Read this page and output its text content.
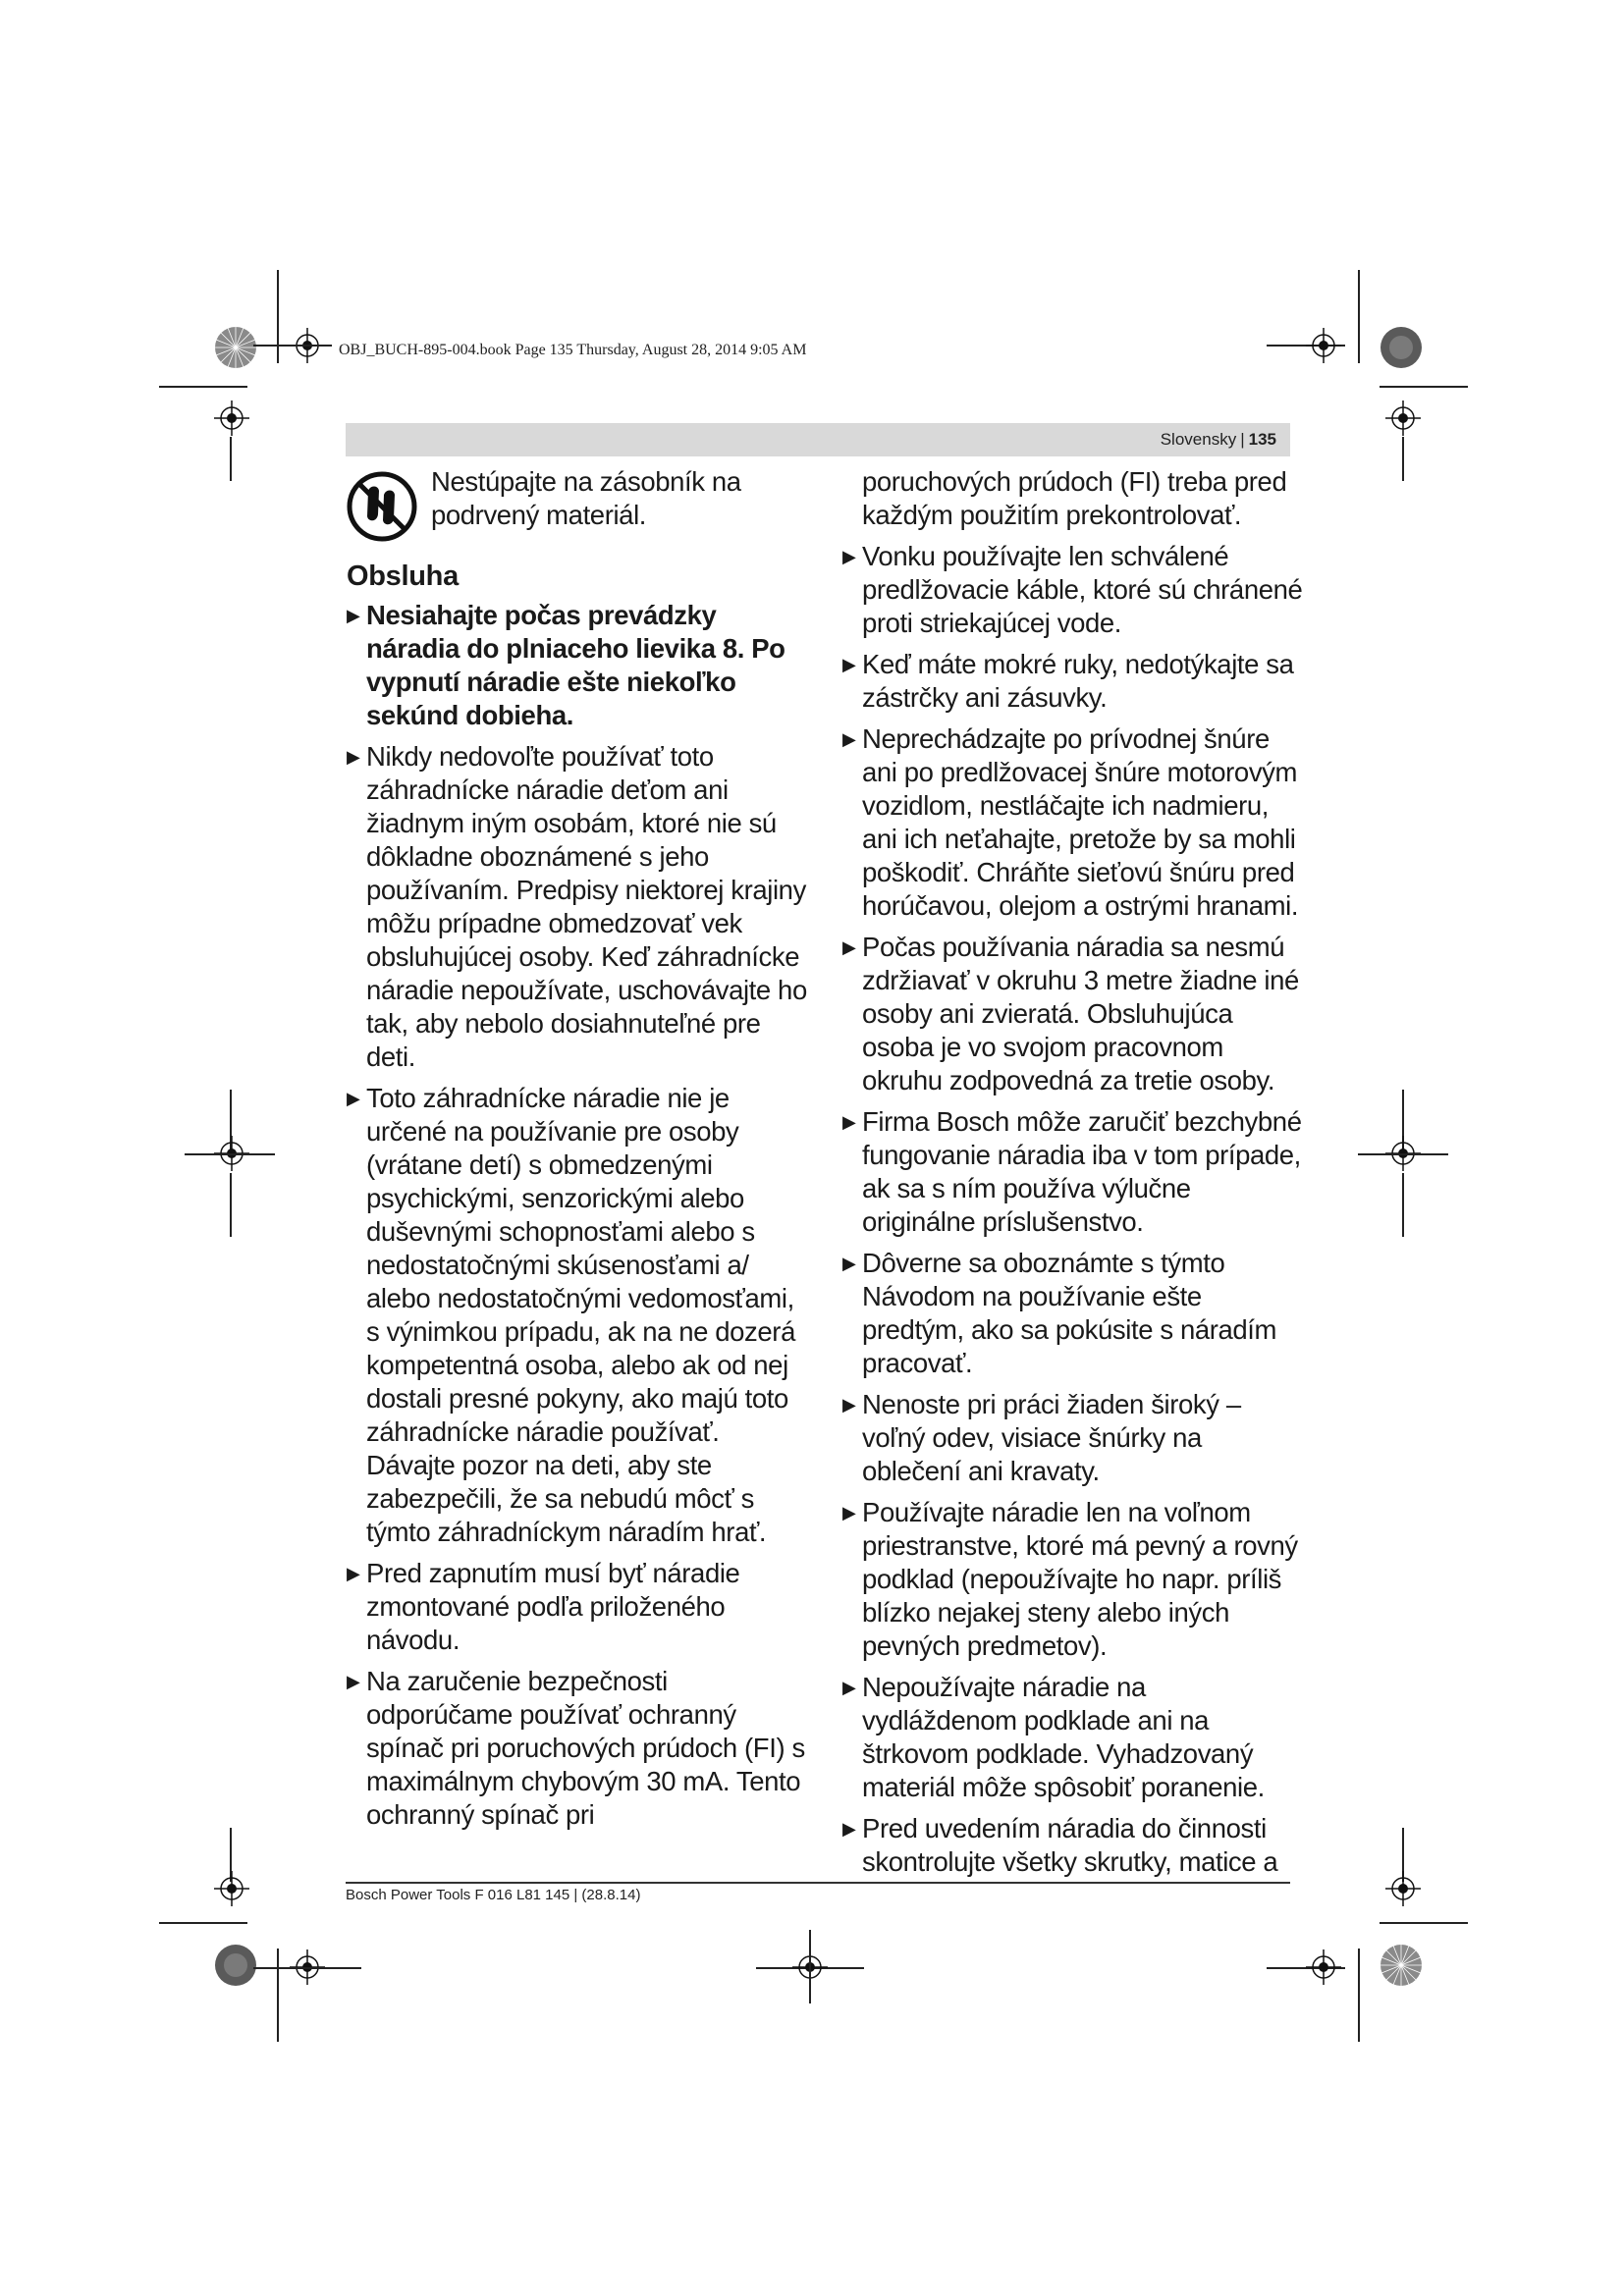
OBJ_BUCH-895-004.book Page 135 Thursday, August 28, 2014 9:05 AM
Slovensky | 135
Nestúpajte na zásobník na podrvený materiál.
Obsluha
▶ Nesiahajte počas prevádzky náradia do plniaceho lievika 8. Po vypnutí náradie ešte niekoľko sekúnd dobieha.
▶ Nikdy nedovoľte používať toto záhradnícke náradie deťom ani žiadnym iným osobám, ktoré nie sú dôkladne oboznámené s jeho používaním. Predpisy niektorej krajiny môžu prípadne obmedzovať vek obsluhujúcej osoby. Keď záhradnícke náradie nepoužívate, uschovávajte ho tak, aby nebolo dosiahnuteľné pre deti.
▶ Toto záhradnícke náradie nie je určené na používanie pre osoby (vrátane detí) s obmedzenými psychickými, senzorickými alebo duševnými schopnosťami alebo s nedostatočnými skúsenosťami a/ alebo nedostatočnými vedomosťami, s výnimkou prípadu, ak na ne dozerá kompetentná osoba, alebo ak od nej dostali presné pokyny, ako majú toto záhradnícke náradie používať. Dávajte pozor na deti, aby ste zabezpečili, že sa nebudú môcť s týmto záhradníckym náradím hrať.
▶ Pred zapnutím musí byť náradie zmontované podľa priloženého návodu.
▶ Na zaručenie bezpečnosti odporúčame používať ochranný spínač pri poruchových prúdoch (FI) s maximálnym chybovým 30 mA. Tento ochranný spínač pri
poruchových prúdoch (FI) treba pred každým použitím prekontrolovať.
▶ Vonku používajte len schválené predlžovacie káble, ktoré sú chránené proti striekajúcej vode.
▶ Keď máte mokré ruky, nedotýkajte sa zástrčky ani zásuvky.
▶ Neprechádzajte po prívodnej šnúre ani po predlžovacej šnúre motorovým vozidlom, nestláčajte ich nadmieru, ani ich neťahajte, pretože by sa mohli poškodiť. Chráňte sieťovú šnúru pred horúčavou, olejom a ostrými hranami.
▶ Počas používania náradia sa nesmú zdržiavať v okruhu 3 metre žiadne iné osoby ani zvieratá. Obsluhujúca osoba je vo svojom pracovnom okruhu zodpovedná za tretie osoby.
▶ Firma Bosch môže zaručiť bezchybné fungovanie náradia iba v tom prípade, ak sa s ním používa výlučne originálne príslušenstvo.
▶ Dôverne sa oboznámte s týmto Návodom na používanie ešte predtým, ako sa pokúsite s náradím pracovať.
▶ Nenoste pri práci žiaden široký – voľný odev, visiace šnúrky na oblečení ani kravaty.
▶ Používajte náradie len na voľnom priestranstve, ktoré má pevný a rovný podklad (nepoužívajte ho napr. príliš blízko nejakej steny alebo iných pevných predmetov).
▶ Nepoužívajte náradie na vydláždenom podklade ani na štrkovom podklade. Vyhadzovaný materiál môže spôsobiť poranenie.
▶ Pred uvedením náradia do činnosti skontrolujte všetky skrutky, matice a
Bosch Power Tools F 016 L81 145 | (28.8.14)
